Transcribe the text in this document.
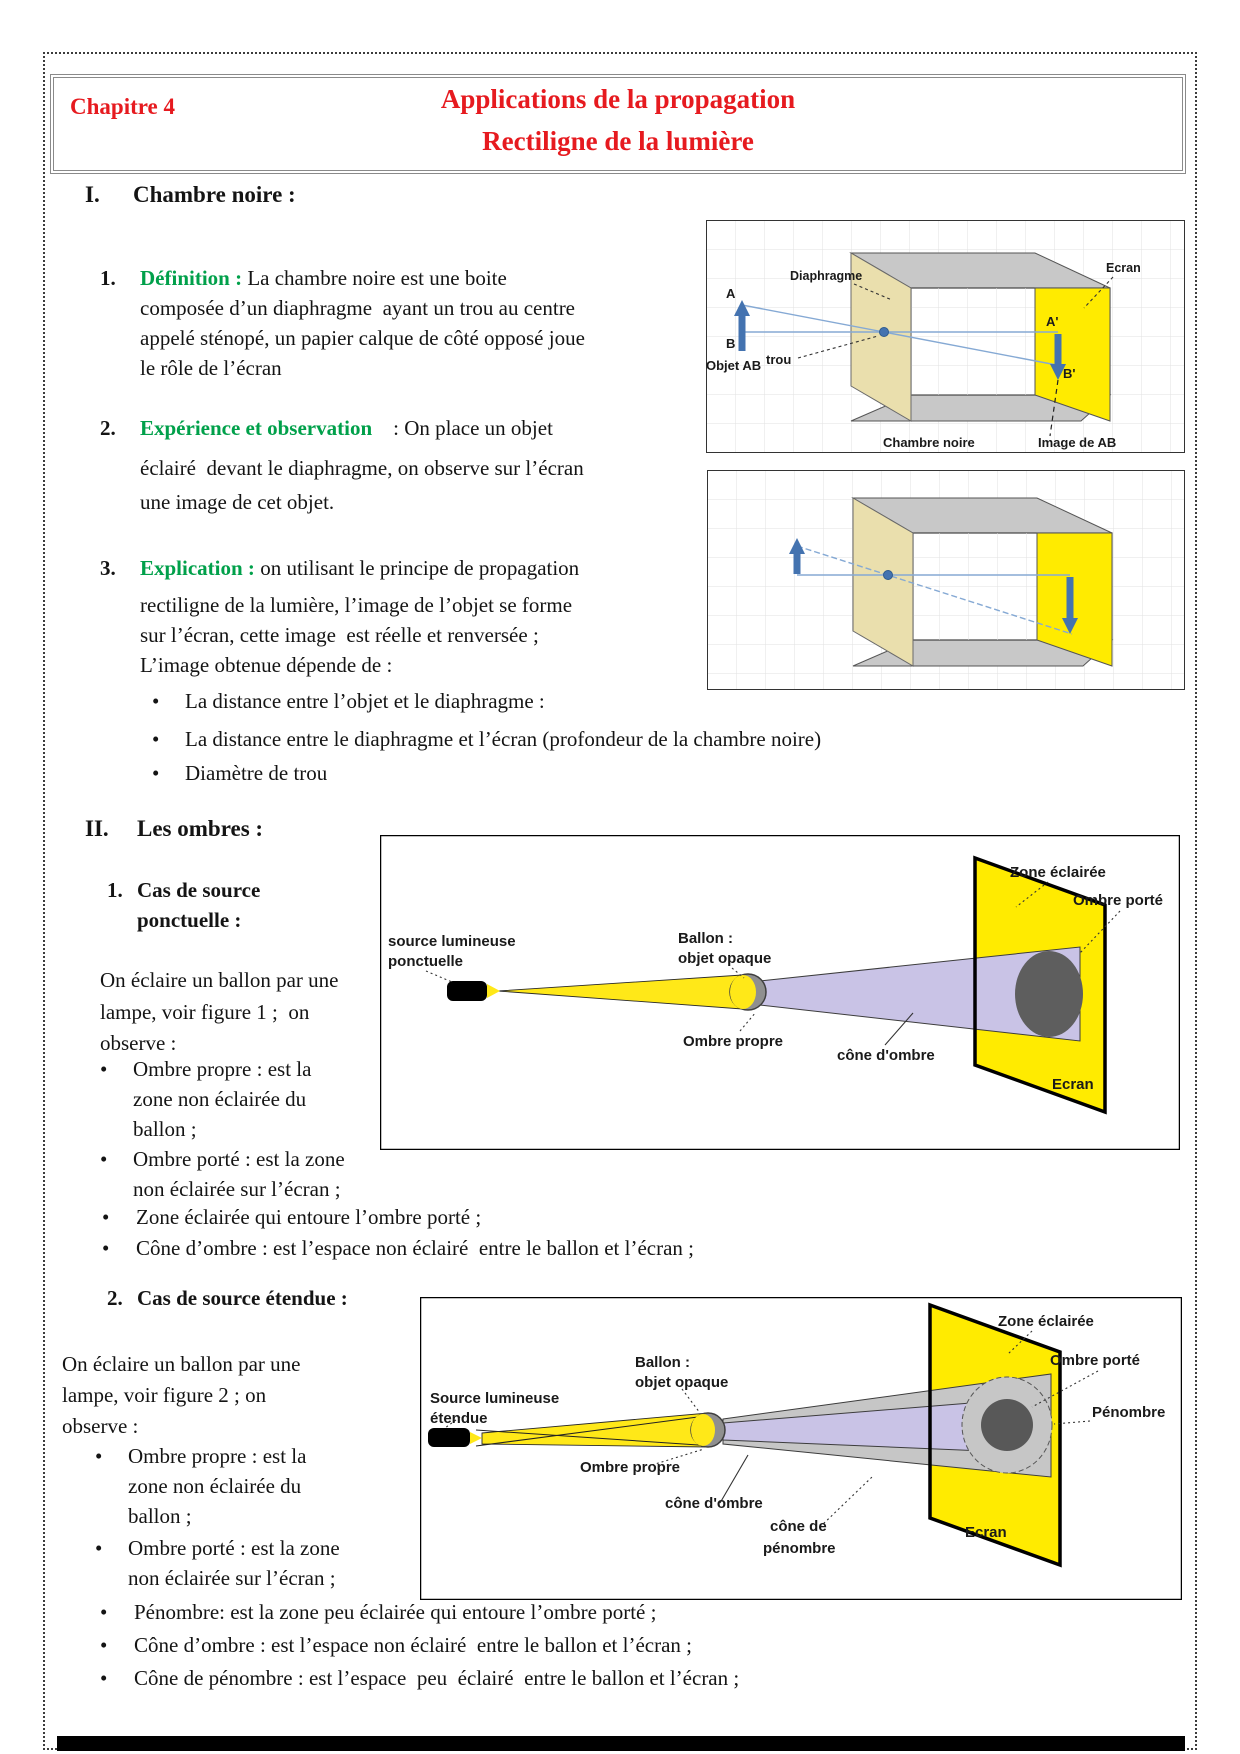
Chapitre 4	Applications de la propagation
Rectiligne de la lumière
I. Chambre noire :
1. Définition : La chambre noire est une boite
composée d’un diaphragme  ayant un trou au centre
appelé sténopé, un papier calque de côté opposé joue
le rôle de l’écran
2. Expérience et observation    : On place un objet
éclairé  devant le diaphragme, on observe sur l’écran
une image de cet objet.
3. Explication : on utilisant le principe de propagation
rectiligne de la lumière, l’image de l’objet se forme
sur l’écran, cette image  est réelle et renversée ;
L’image obtenue dépende de :
• La distance entre l’objet et le diaphragme :
• La distance entre le diaphragme et l’écran (profondeur de la chambre noire)
• Diamètre de trou
Diaphragme
Ecran
A
B
Objet AB trou
A'
B'
Chambre noire	Image de AB
II. Les ombres :
1. Cas de source
ponctuelle :
On éclaire un ballon par une
lampe, voir figure 1 ;  on
observe :
• Ombre propre : est la
zone non éclairée du
ballon ;
• Ombre porté : est la zone
non éclairée sur l’écran ;
• Zone éclairée qui entoure l’ombre porté ;
• Cône d’ombre : est l’espace non éclairé  entre le ballon et l’écran ;
source lumineuse
ponctuelle
Ballon :
objet opaque
Zone éclairée
Ombre porté
Ombre propre
cône d'ombre
Ecran
2. Cas de source étendue :
On éclaire un ballon par une
lampe, voir figure 2 ; on
observe :
• Ombre propre : est la
zone non éclairée du
ballon ;
• Ombre porté : est la zone
non éclairée sur l’écran ;
• Pénombre: est la zone peu éclairée qui entoure l’ombre porté ;
• Cône d’ombre : est l’espace non éclairé  entre le ballon et l’écran ;
• Cône de pénombre : est l’espace  peu  éclairé  entre le ballon et l’écran ;
Source lumineuse
étendue
Ballon :
objet opaque
Zone éclairée
Ombre porté
Pénombre
Ombre propre
cône d'ombre
cône de
pénombre
Ecran
